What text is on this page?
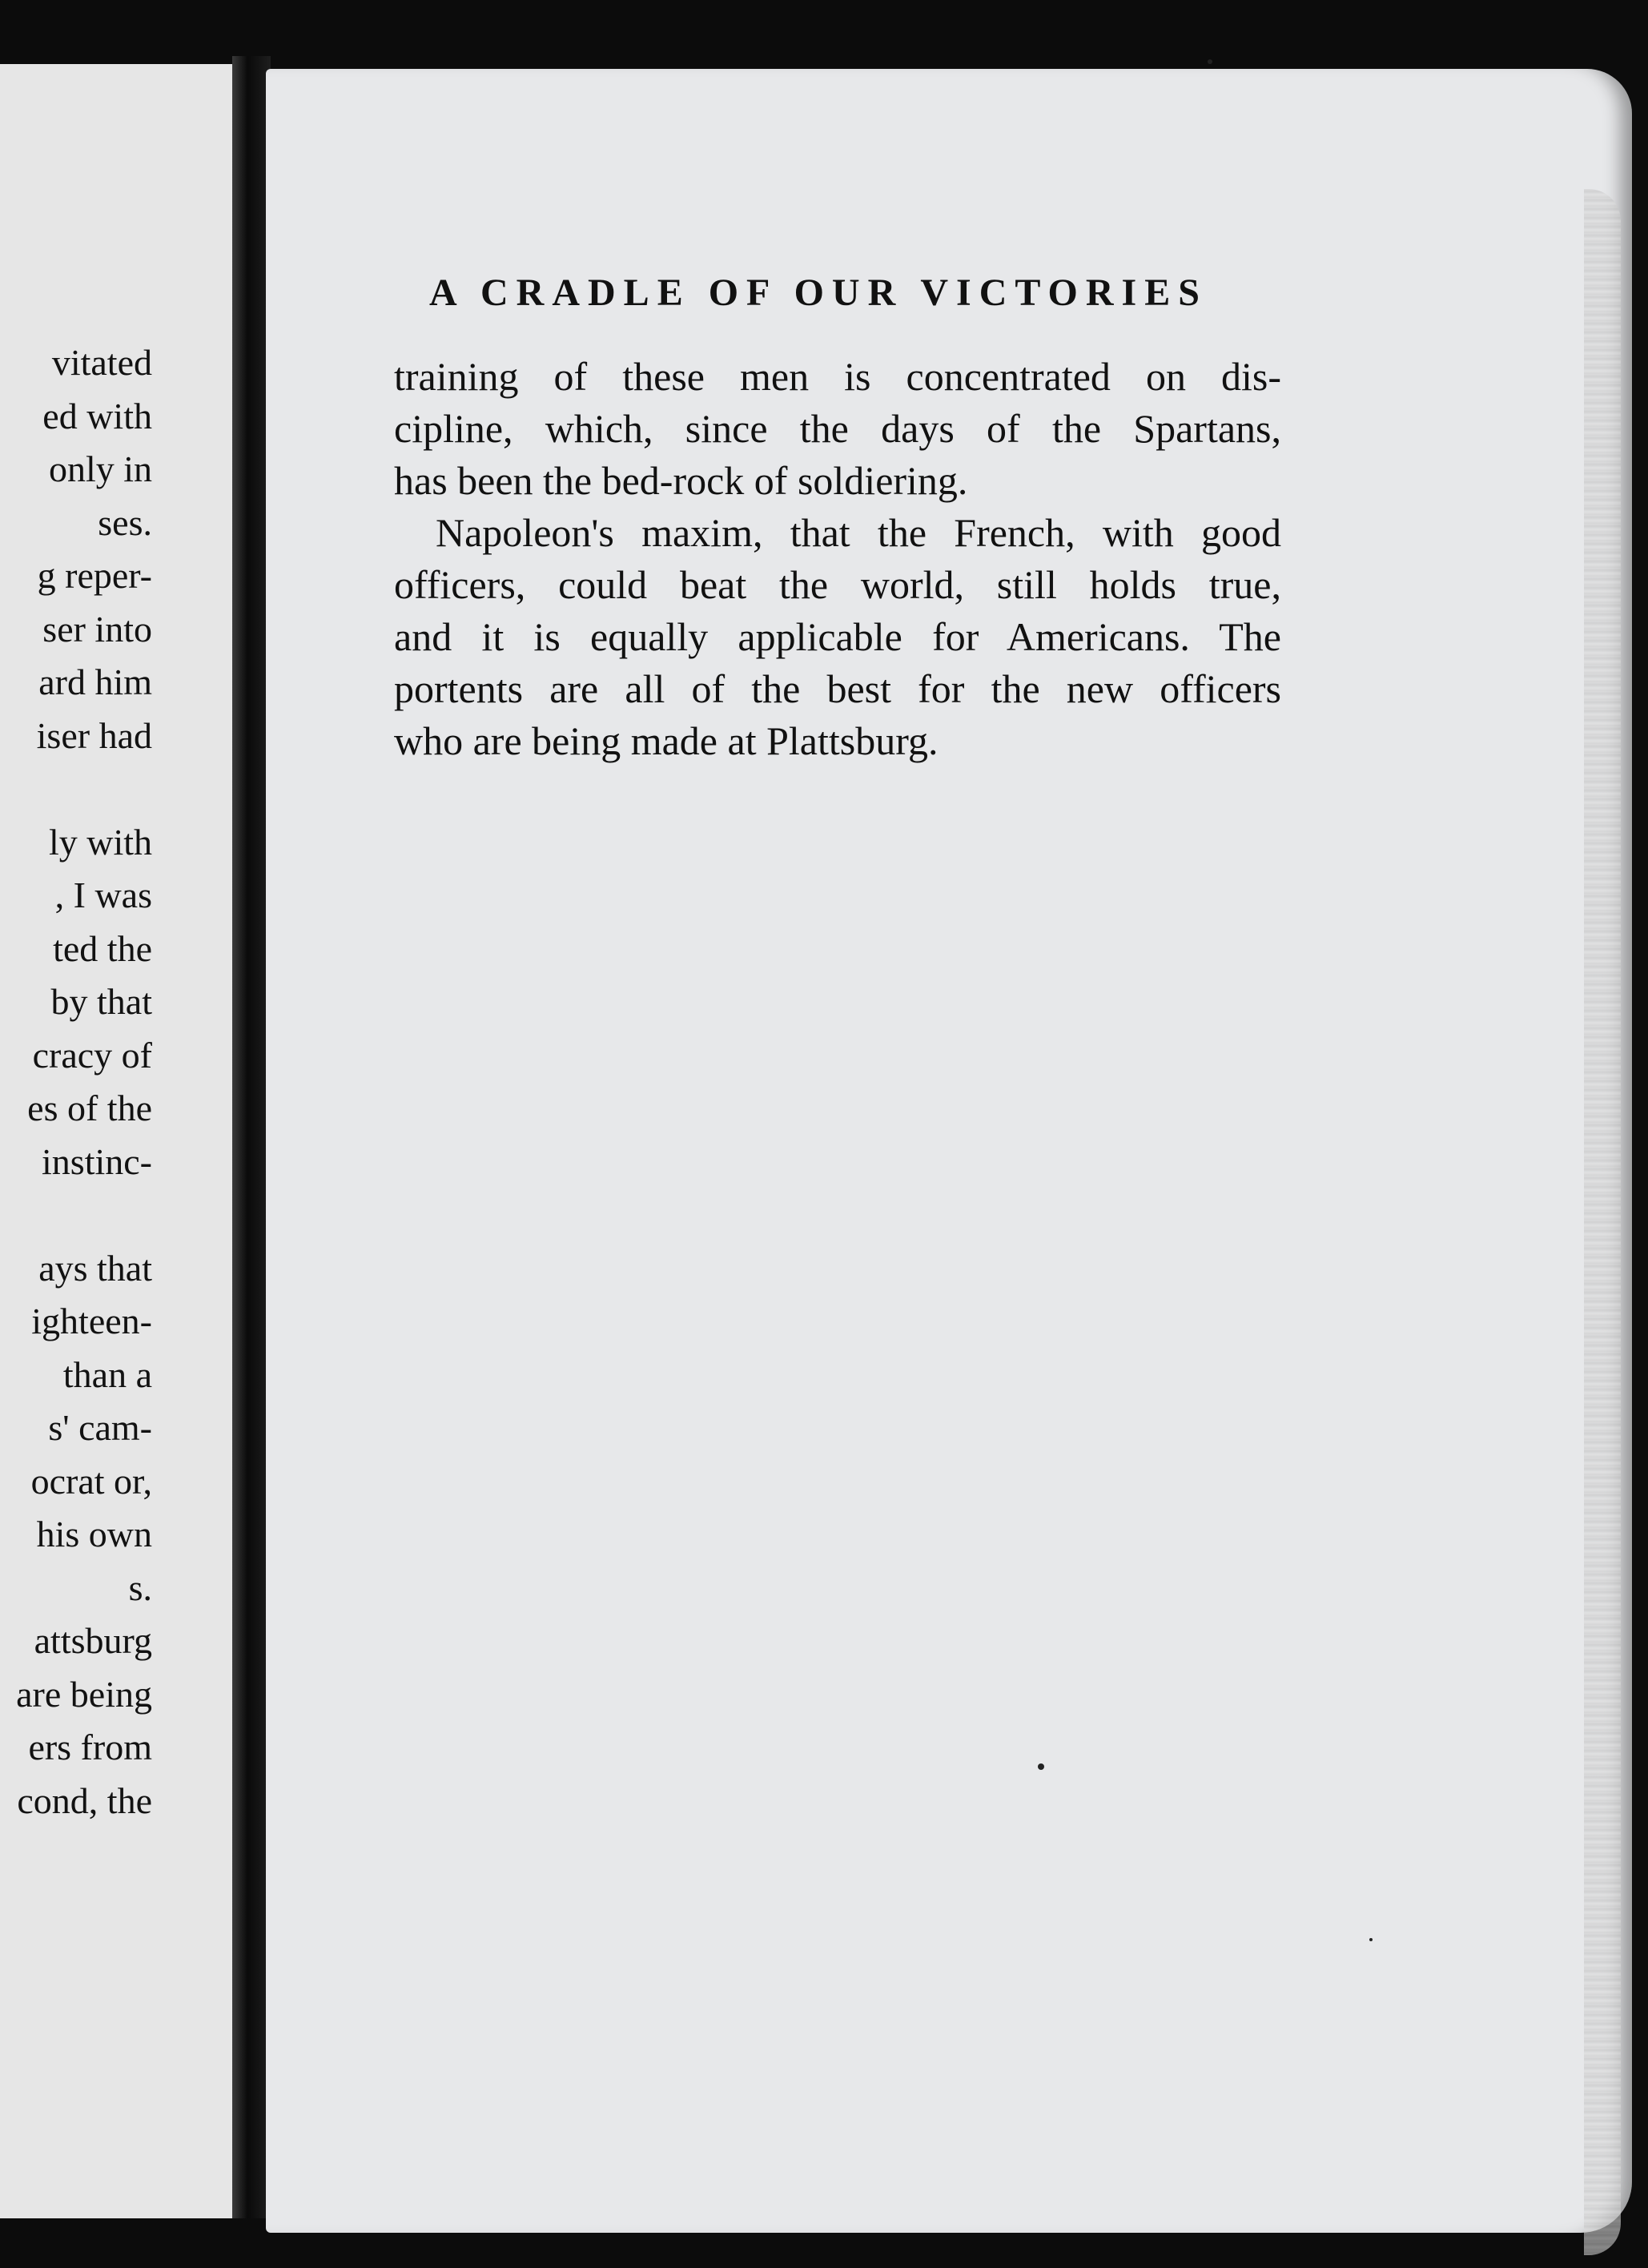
vitated
ed with
only in
ses.
g reper-
ser into
ard him
iser had
ly with
, I was
ted the
by that
cracy of
es of the
instinc-
ays that
ighteen-
than a
s' cam-
ocrat or,
his own
s.
attsburg
are being
ers from
cond, the
A CRADLE OF OUR VICTORIES
training of these men is concentrated on dis-
cipline, which, since the days of the Spartans,
has been the bed-rock of soldiering.
Napoleon's maxim, that the French, with good
officers, could beat the world, still holds true,
and it is equally applicable for Americans. The
portents are all of the best for the new officers
who are being made at Plattsburg.
